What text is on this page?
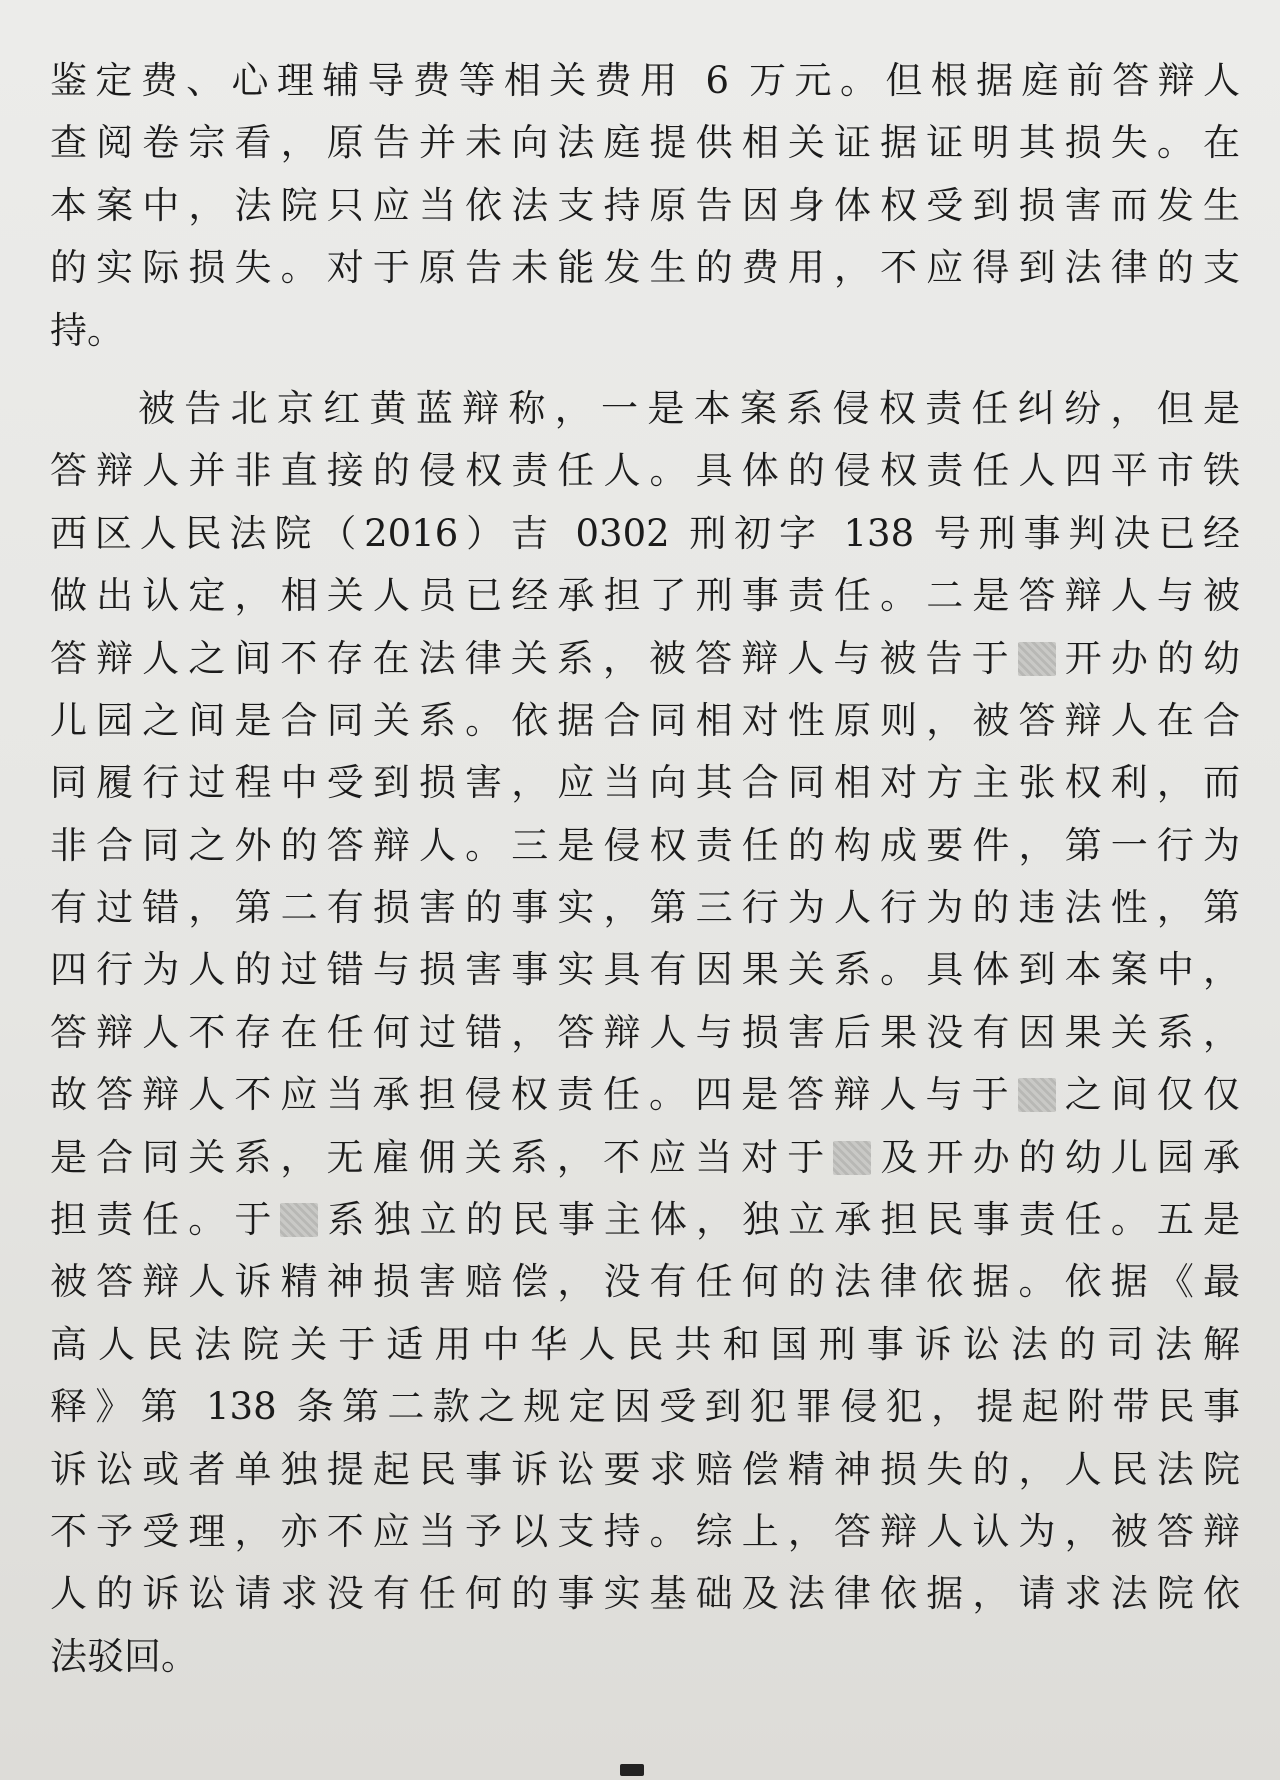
鉴定费、心理辅导费等相关费用 6 万元。但根据庭前答辩人
查阅卷宗看，原告并未向法庭提供相关证据证明其损失。在
本案中，法院只应当依法支持原告因身体权受到损害而发生
的实际损失。对于原告未能发生的费用，不应得到法律的支
持。
被告北京红黄蓝辩称，一是本案系侵权责任纠纷，但是
答辩人并非直接的侵权责任人。具体的侵权责任人四平市铁
西区人民法院（2016）吉 0302 刑初字 138 号刑事判决已经
做出认定，相关人员已经承担了刑事责任。二是答辩人与被
答辩人之间不存在法律关系，被答辩人与被告于 开办的幼
儿园之间是合同关系。依据合同相对性原则，被答辩人在合
同履行过程中受到损害，应当向其合同相对方主张权利，而
非合同之外的答辩人。三是侵权责任的构成要件，第一行为
有过错，第二有损害的事实，第三行为人行为的违法性，第
四行为人的过错与损害事实具有因果关系。具体到本案中，
答辩人不存在任何过错，答辩人与损害后果没有因果关系，
故答辩人不应当承担侵权责任。四是答辩人与于 之间仅仅
是合同关系，无雇佣关系，不应当对于 及开办的幼儿园承
担责任。于 系独立的民事主体，独立承担民事责任。五是
被答辩人诉精神损害赔偿，没有任何的法律依据。依据《最
高人民法院关于适用中华人民共和国刑事诉讼法的司法解
释》第 138 条第二款之规定因受到犯罪侵犯，提起附带民事
诉讼或者单独提起民事诉讼要求赔偿精神损失的，人民法院
不予受理，亦不应当予以支持。综上，答辩人认为，被答辩
人的诉讼请求没有任何的事实基础及法律依据，请求法院依
法驳回。
